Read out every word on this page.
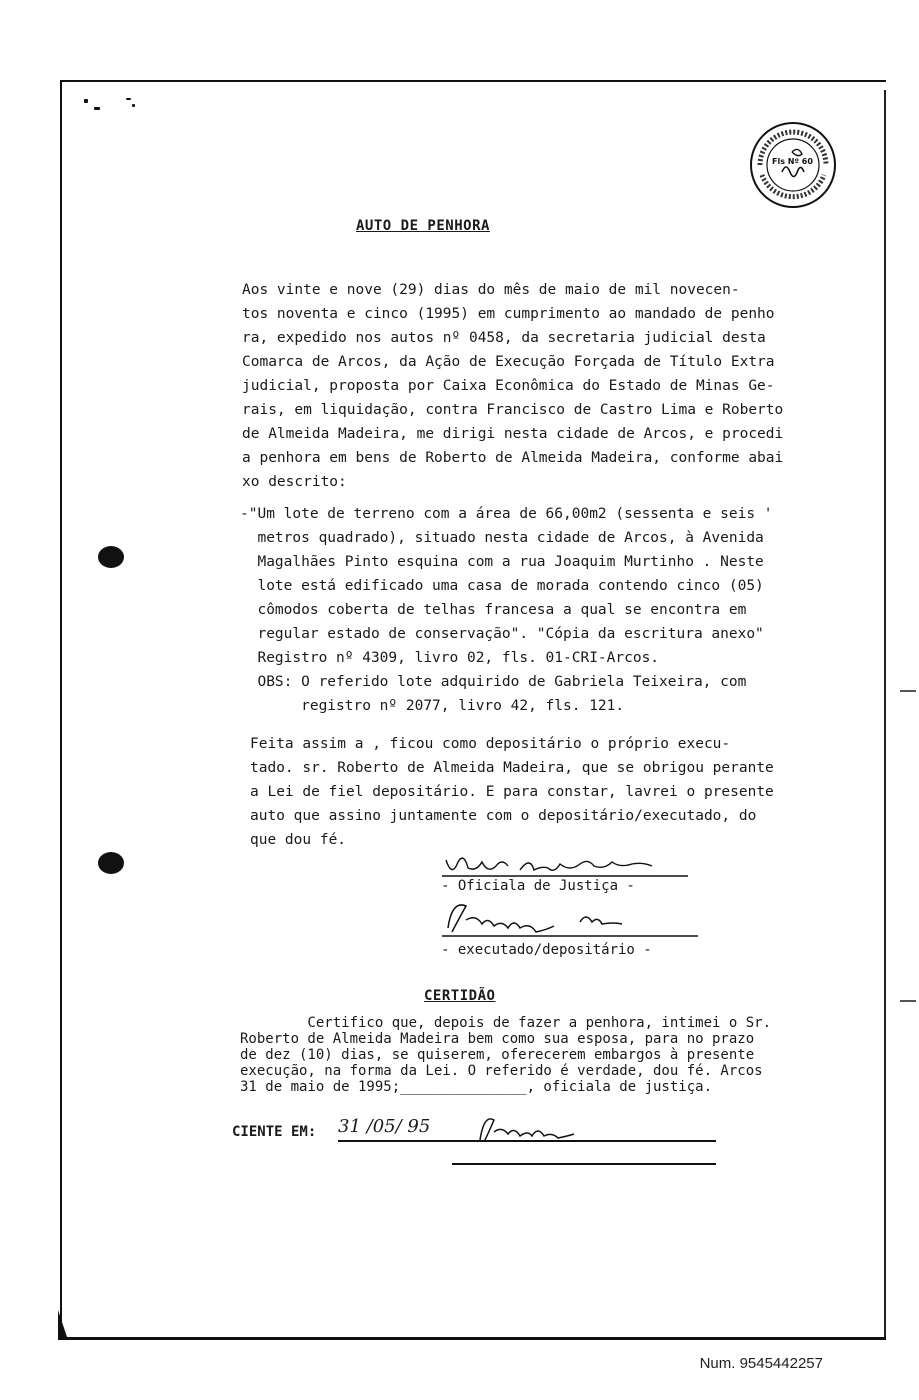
Fls Nº 60
AUTO DE PENHORA
Aos vinte e nove (29) dias do mês de maio de mil novecen-
tos noventa e cinco (1995) em cumprimento ao mandado de penho
ra, expedido nos autos nº 0458, da secretaria judicial desta
Comarca de Arcos, da Ação de Execução Forçada de Título Extra
judicial, proposta por Caixa Econômica do Estado de Minas Ge-
rais, em liquidação, contra Francisco de Castro Lima e Roberto
de Almeida Madeira, me dirigi nesta cidade de Arcos, e procedi
a penhora em bens de Roberto de Almeida Madeira, conforme abai
xo descrito:
-"Um lote de terreno com a área de 66,00m2 (sessenta e seis '
metros quadrado), situado nesta cidade de Arcos, à Avenida
Magalhães Pinto esquina com a rua Joaquim Murtinho . Neste
lote está edificado uma casa de morada contendo cinco (05)
cômodos coberta de telhas francesa a qual se encontra em
regular estado de conservação". "Cópia da escritura anexo"
Registro nº 4309, livro 02, fls. 01-CRI-Arcos.
OBS: O referido lote adquirido de Gabriela Teixeira, com
registro nº 2077, livro 42, fls. 121.
Feita assim a , ficou como depositário o próprio execu-
tado. sr. Roberto de Almeida Madeira, que se obrigou perante
a Lei de fiel depositário. E para constar, lavrei o presente
auto que assino juntamente com o depositário/executado, do
que dou fé.
- Oficiala de Justiça -
- executado/depositário -
CERTIDÃO
Certifico que, depois de fazer a penhora, intimei o Sr.
Roberto de Almeida Madeira bem como sua esposa, para no prazo
de dez (10) dias, se quiserem, oferecerem embargos à presente
execução, na forma da Lei. O referido é verdade, dou fé. Arcos
31 de maio de 1995;_______________, oficiala de justiça.
CIENTE EM: 31 /05/ 95
Num. 9545442257
